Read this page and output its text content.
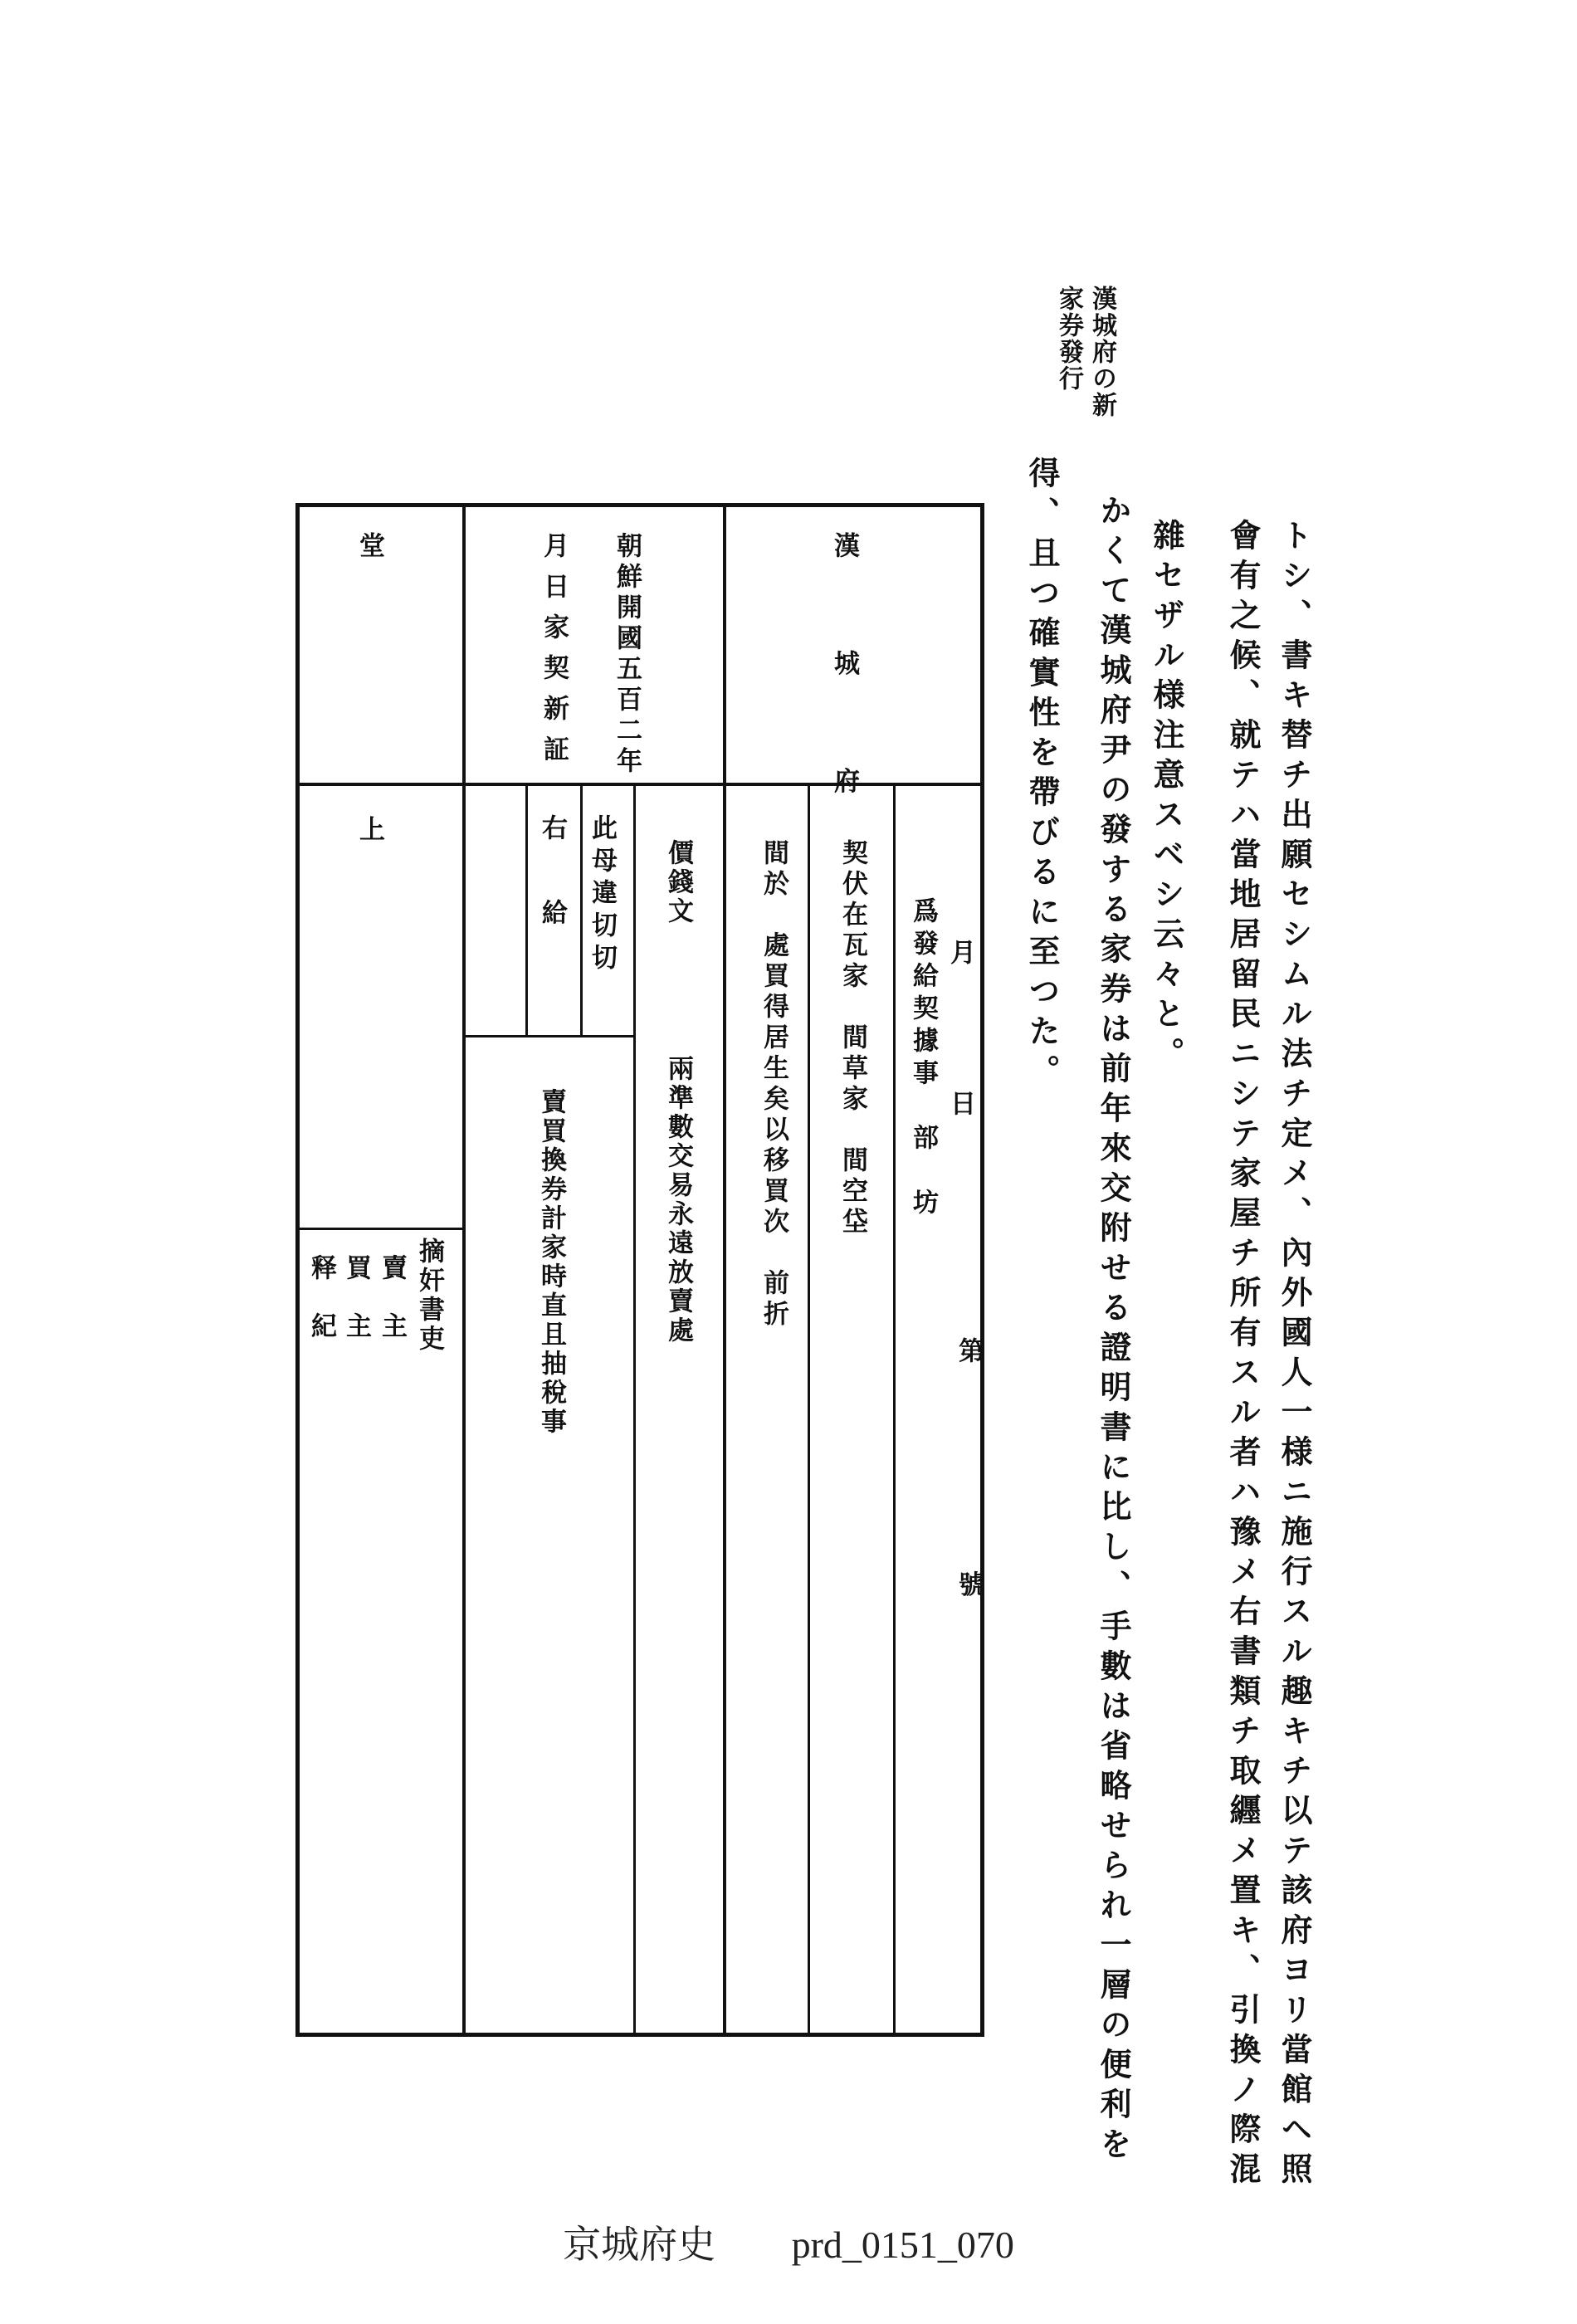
漢城府の新
家券發行
トシ、書キ替チ出願セシムル法チ定メ、內外國人一様ニ施行スル趣キチ以テ該府ヨリ當館ヘ照
會有之候、就テハ當地居留民ニシテ家屋チ所有スル者ハ豫メ右書類チ取纒メ置キ、引換ノ際混
雜セザル様注意スベシ云々と。
かくて漢城府尹の發する家券は前年來交附せる證明書に比し、手數は省略せられ一層の便利を
得、且つ確實性を帶びるに至つた。
漢 城 府
朝鮮開國五百二年
月日家契新証
堂 上
月　日
第 號
爲發給契據事　部　坊
契伏在瓦家　間草家　間空垈
間於　處買得居生矣以移買次　前折
價錢文
兩準數交易永遠放賣處
此母違切切
右　給
賣買換券計家時直且抽稅事
摘奸書吏
賣　主
買　主
释　紀
京城府史 prd_0151_070
